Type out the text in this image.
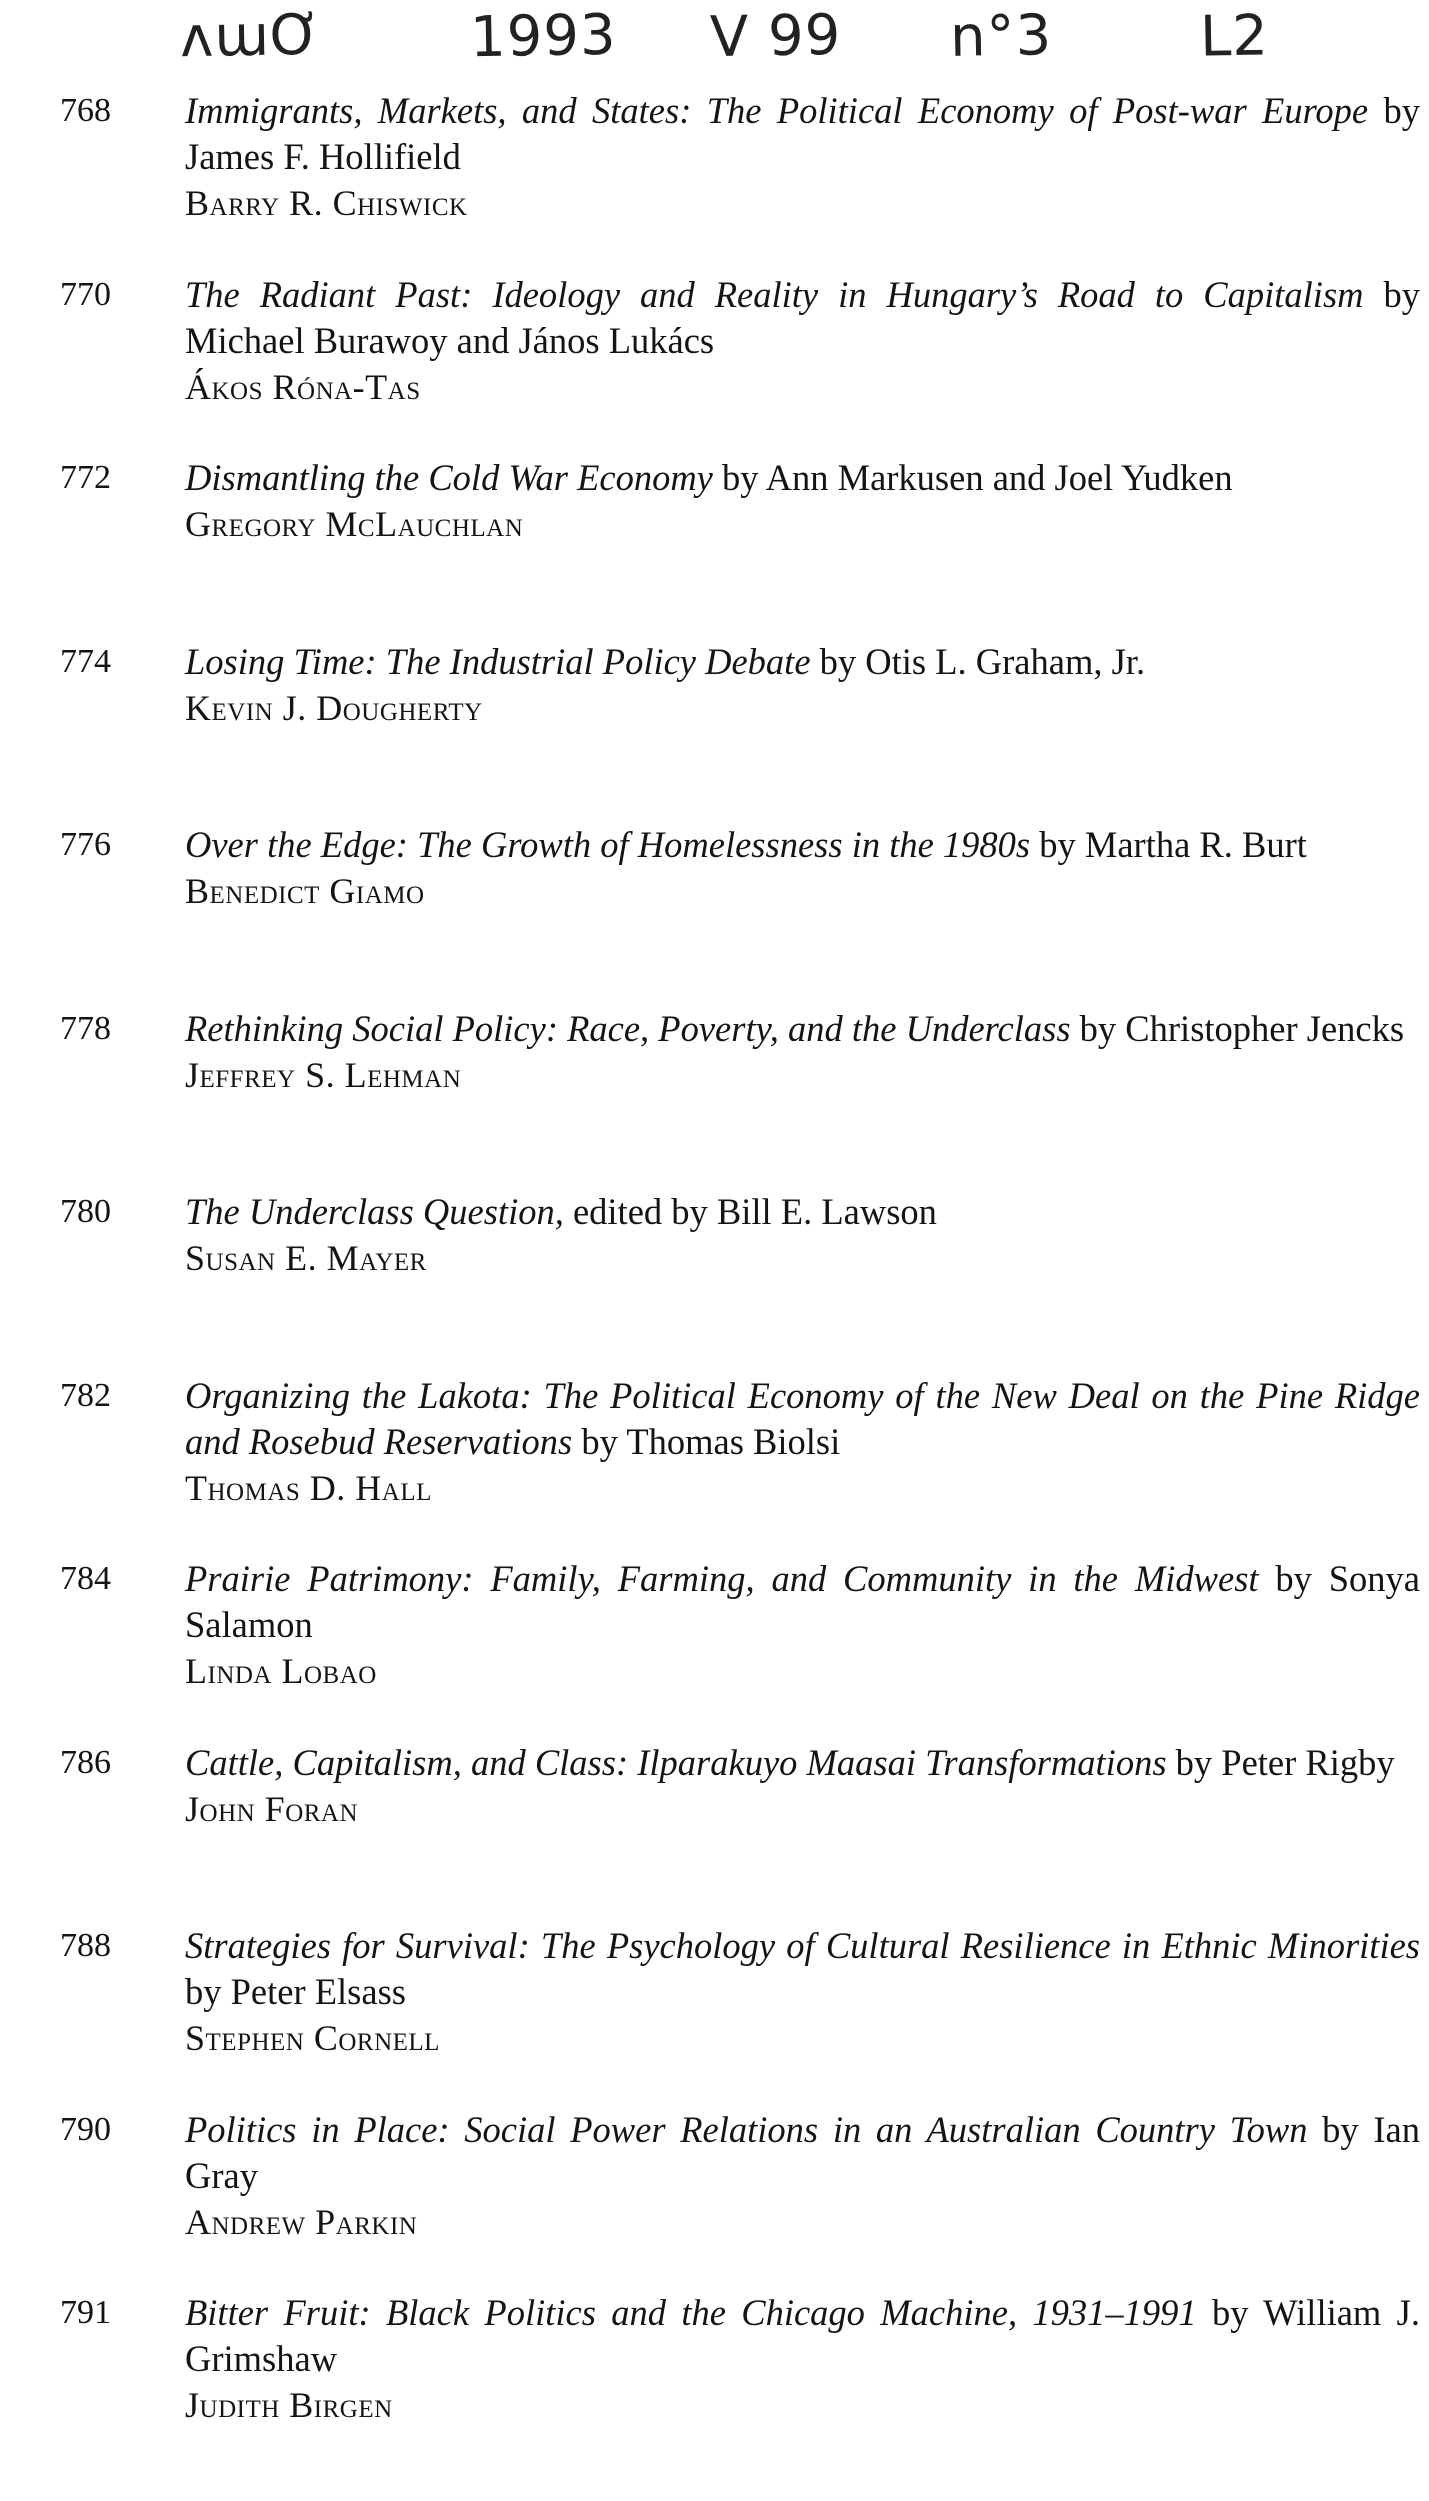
ʌɯƠ	1993 V 99 n°3	L2
768	Immigrants, Markets, and States: The Political Economy of Post-war Europe by James F. Hollifield
Barry R. Chiswick
770	The Radiant Past: Ideology and Reality in Hungary’s Road to Capitalism by Michael Burawoy and János Lukács
Ákos Róna-Tas
772	Dismantling the Cold War Economy by Ann Markusen and Joel Yudken
Gregory McLauchlan
774	Losing Time: The Industrial Policy Debate by Otis L. Graham, Jr.
Kevin J. Dougherty
776	Over the Edge: The Growth of Homelessness in the 1980s by Martha R. Burt
Benedict Giamo
778	Rethinking Social Policy: Race, Poverty, and the Underclass by Christopher Jencks
Jeffrey S. Lehman
780	The Underclass Question, edited by Bill E. Lawson
Susan E. Mayer
782	Organizing the Lakota: The Political Economy of the New Deal on the Pine Ridge and Rosebud Reservations by Thomas Biolsi
Thomas D. Hall
784	Prairie Patrimony: Family, Farming, and Community in the Midwest by Sonya Salamon
Linda Lobao
786	Cattle, Capitalism, and Class: Ilparakuyo Maasai Transformations by Peter Rigby
John Foran
788	Strategies for Survival: The Psychology of Cultural Resilience in Ethnic Minorities by Peter Elsass
Stephen Cornell
790	Politics in Place: Social Power Relations in an Australian Country Town by Ian Gray
Andrew Parkin
791	Bitter Fruit: Black Politics and the Chicago Machine, 1931–1991 by William J. Grimshaw
Judith Birgen
